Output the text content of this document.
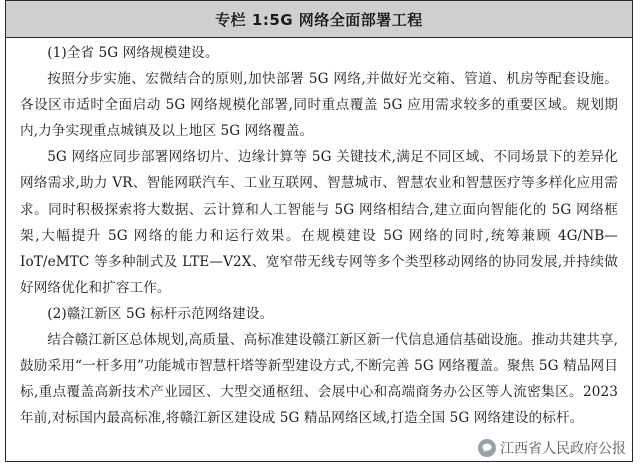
专栏 1:5G 网络全面部署工程

(1)全省 5G 网络规模建设。

按照分步实施、宏微结合的原则,加快部署 5G 网络,并做好光交箱、管道、机房等配套设施。各设区市适时全面启动 5G 网络规模化部署,同时重点覆盖 5G 应用需求较多的重要区域。规划期内,力争实现重点城镇及以上地区 5G 网络覆盖。

5G 网络应同步部署网络切片、边缘计算等 5G 关键技术,满足不同区域、不同场景下的差异化网络需求,助力 VR、智能网联汽车、工业互联网、智慧城市、智慧农业和智慧医疗等多样化应用需求。同时积极探索将大数据、云计算和人工智能与 5G 网络相结合,建立面向智能化的 5G 网络框架,大幅提升 5G 网络的能力和运行效果。在规模建设 5G 网络的同时,统筹兼顾 4G/NB—IoT/eMTC 等多种制式及 LTE—V2X、宽窄带无线专网等多个类型移动网络的协同发展,并持续做好网络优化和扩容工作。

(2)赣江新区 5G 标杆示范网络建设。

结合赣江新区总体规划,高质量、高标准建设赣江新区新一代信息通信基础设施。推动共建共享,鼓励采用“一杆多用”功能城市智慧杆塔等新型建设方式,不断完善 5G 网络覆盖。聚焦 5G 精品网目标,重点覆盖高新技术产业园区、大型交通枢纽、会展中心和高端商务办公区等人流密集区。2023 年前,对标国内最高标准,将赣江新区建设成 5G 精品网络区域,打造全国 5G 网络建设的标杆。

江西省人民政府公报
